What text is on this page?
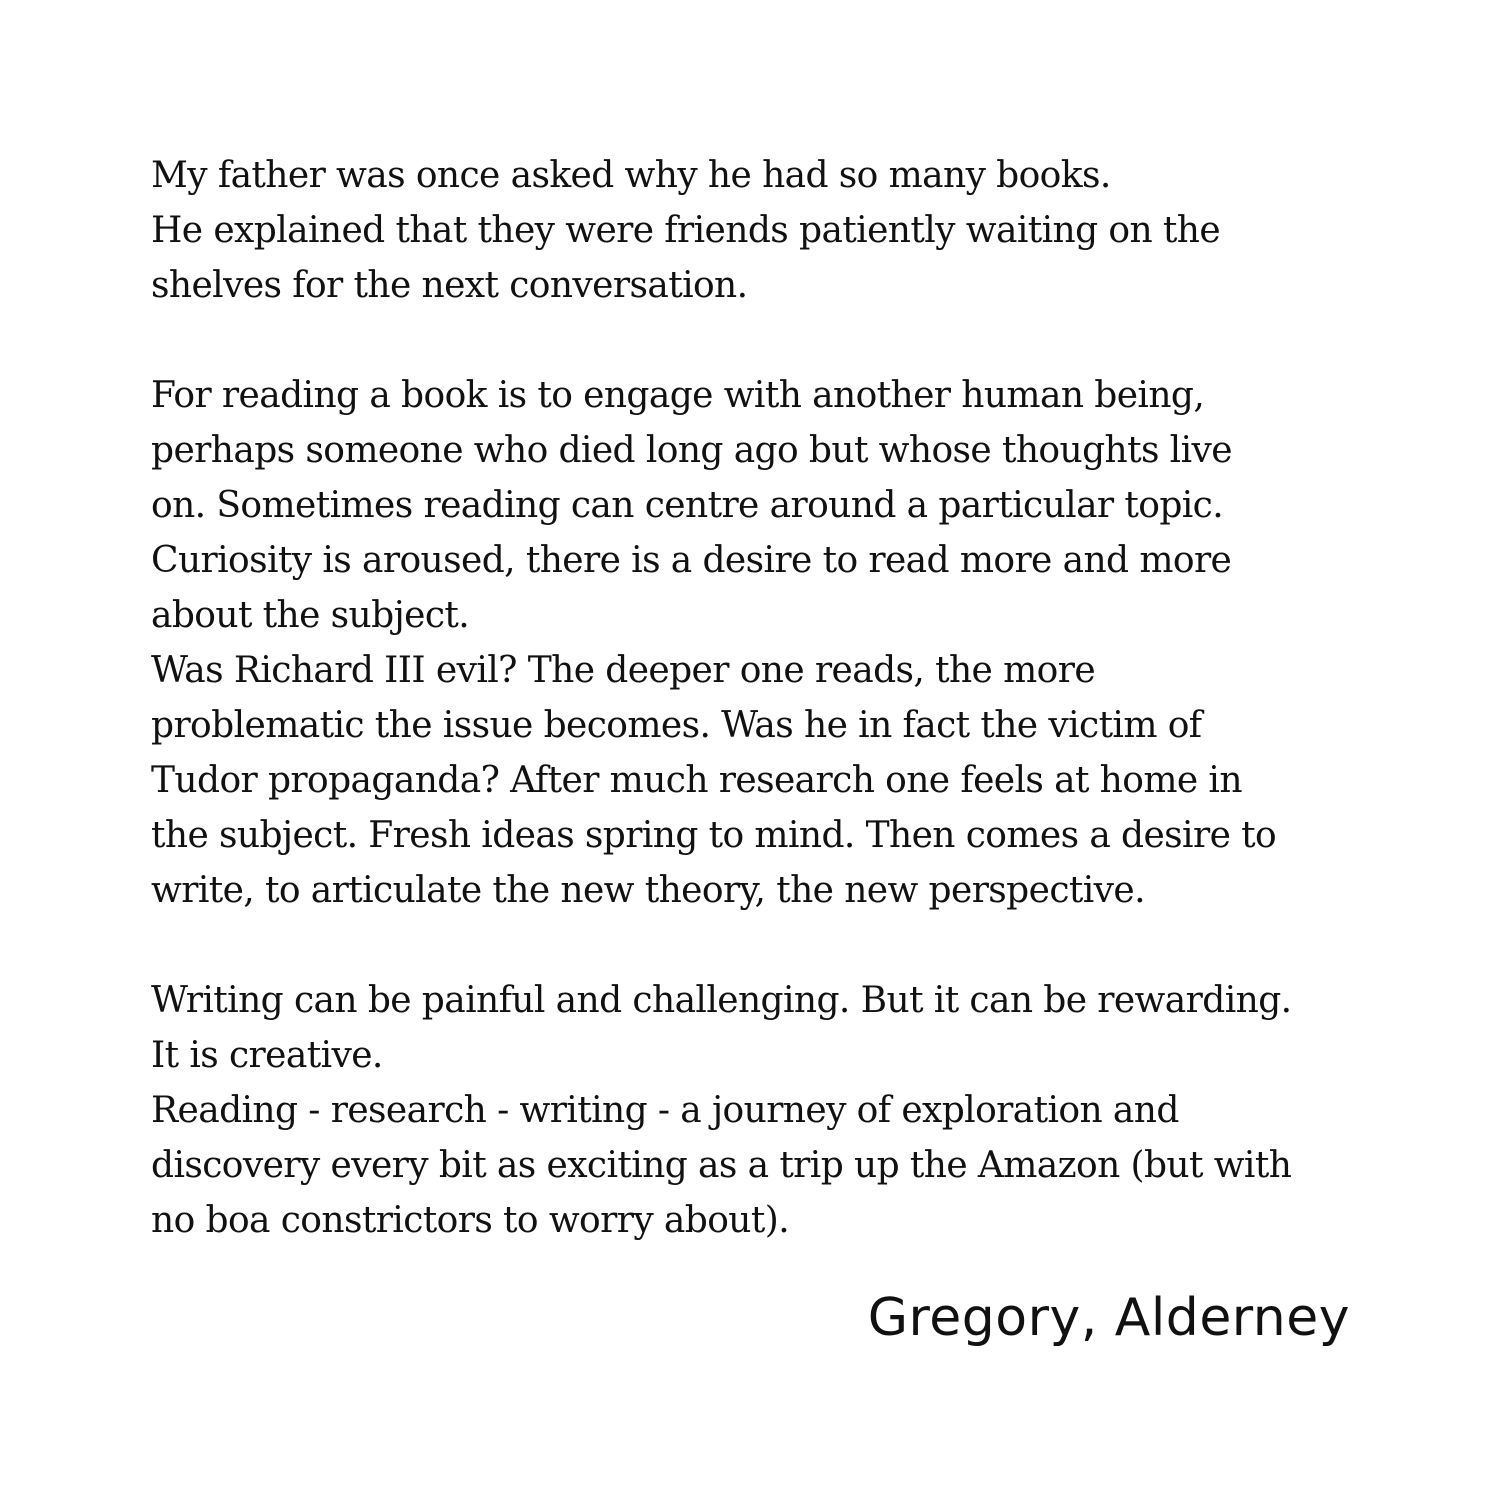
My father was once asked why he had so many books.
He explained that they were friends patiently waiting on the
shelves for the next conversation.
For reading a book is to engage with another human being,
perhaps someone who died long ago but whose thoughts live
on. Sometimes reading can centre around a particular topic.
Curiosity is aroused, there is a desire to read more and more
about the subject.
Was Richard III evil? The deeper one reads, the more
problematic the issue becomes. Was he in fact the victim of
Tudor propaganda? After much research one feels at home in
the subject. Fresh ideas spring to mind. Then comes a desire to
write, to articulate the new theory, the new perspective.
Writing can be painful and challenging. But it can be rewarding.
It is creative.
Reading - research - writing - a journey of exploration and
discovery every bit as exciting as a trip up the Amazon (but with
no boa constrictors to worry about).
Gregory, Alderney
